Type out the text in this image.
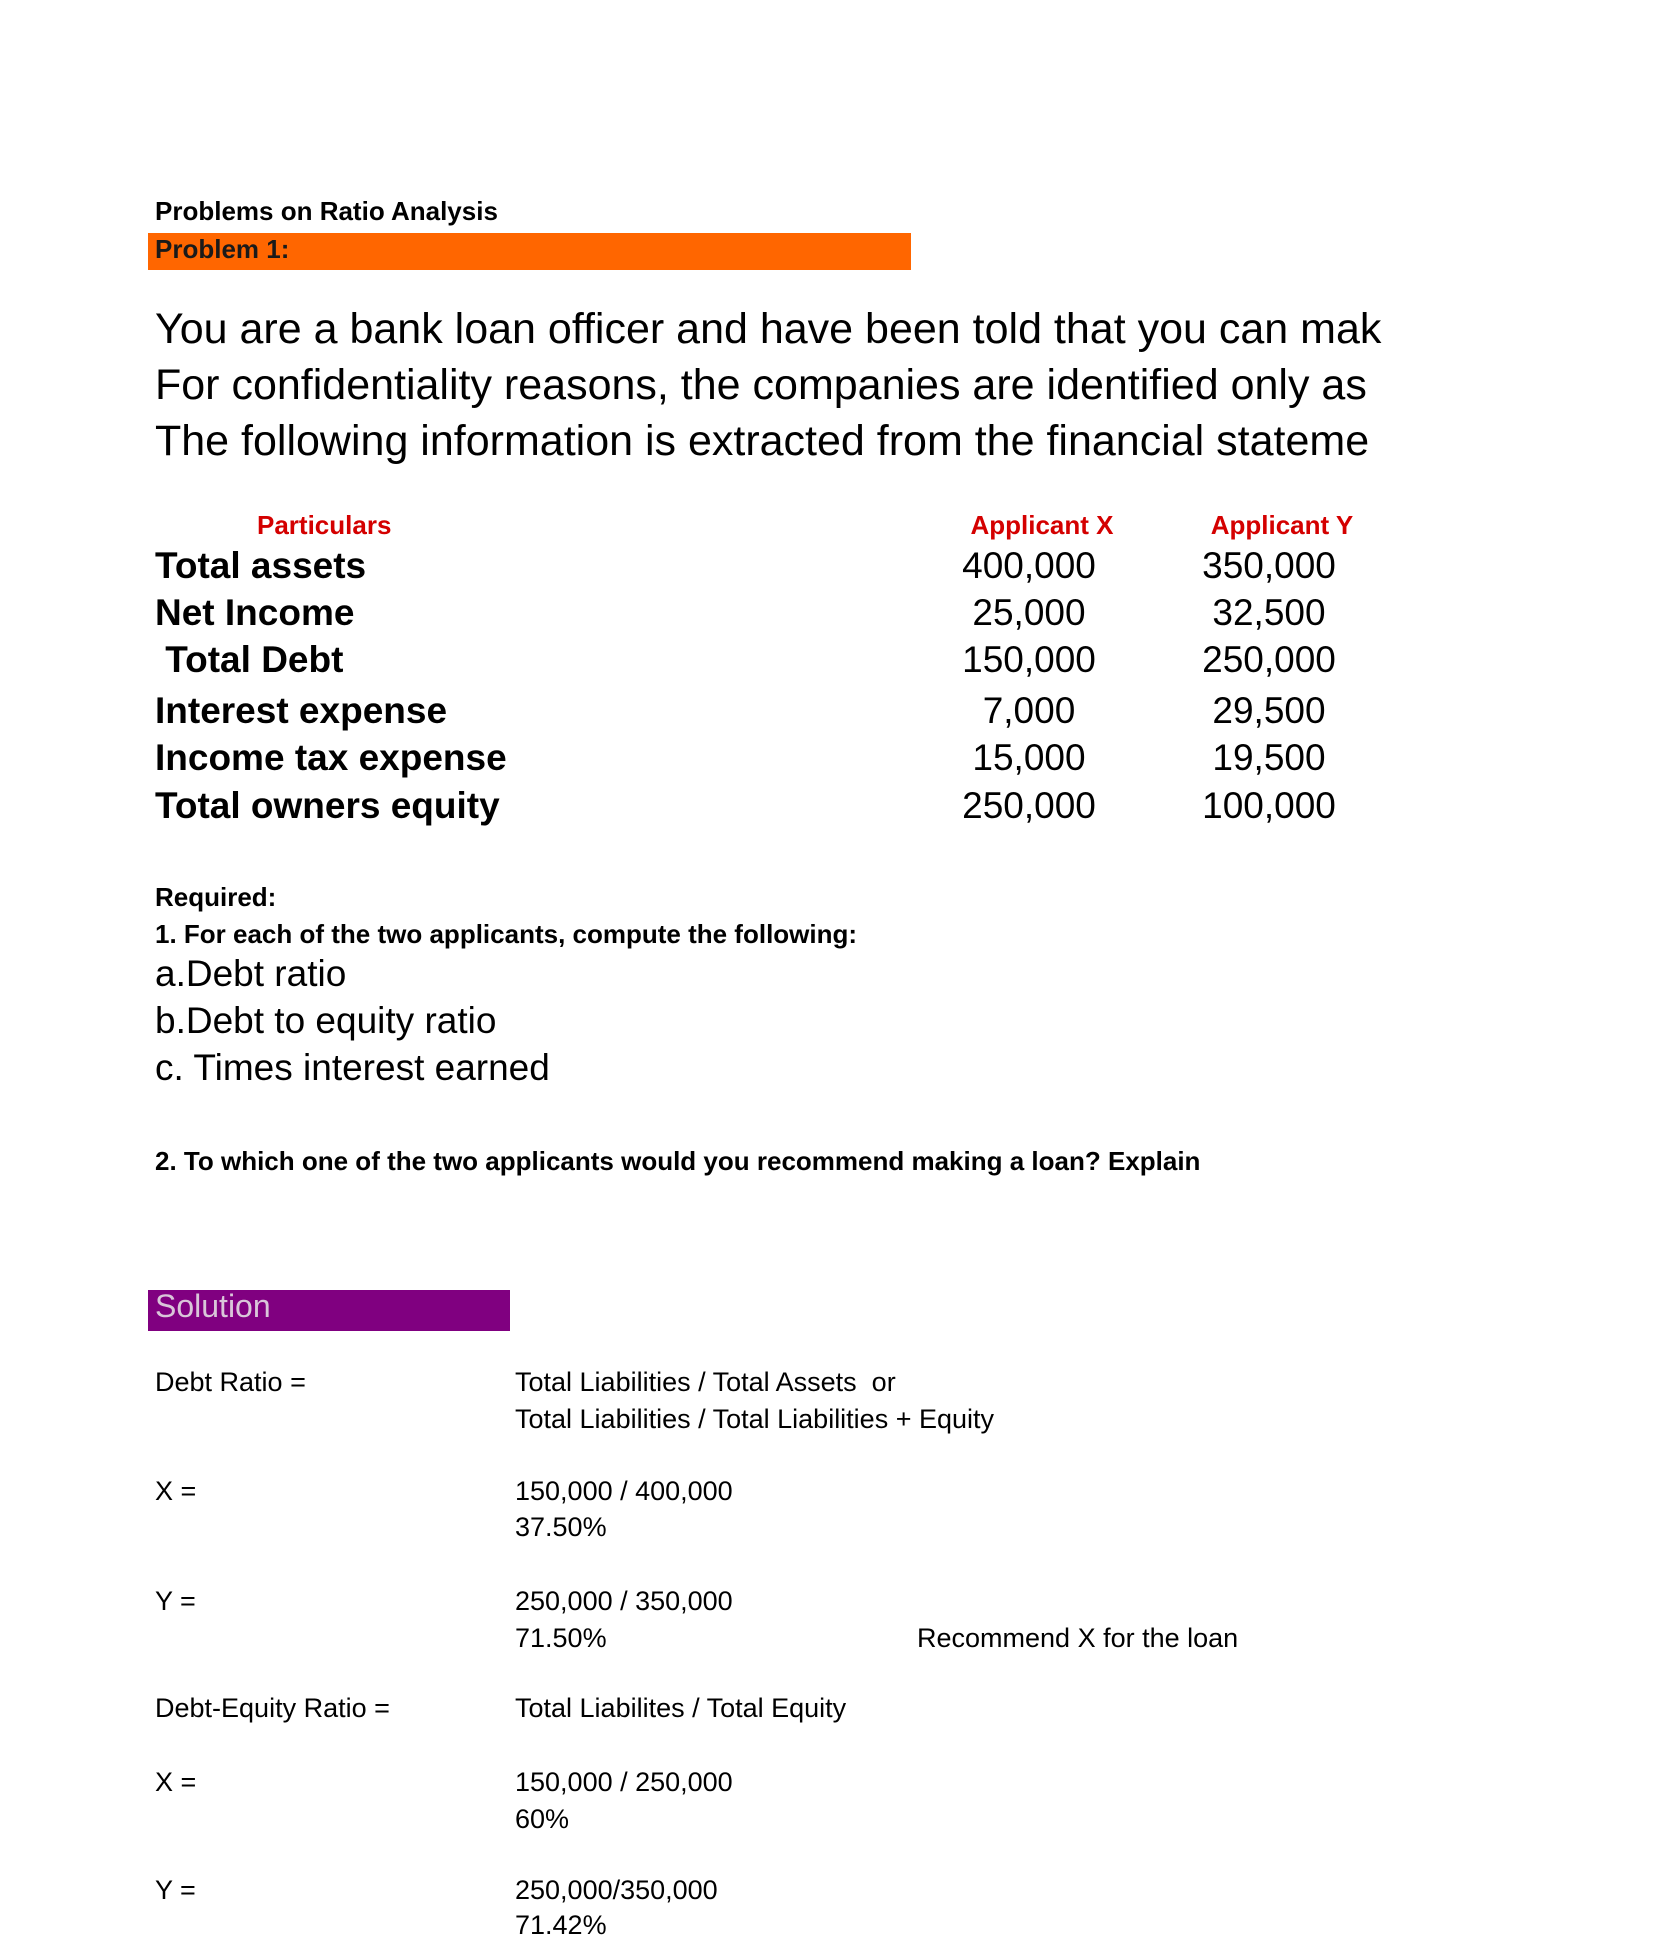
Problems on Ratio Analysis
Problem 1:
You are a bank loan officer and have been told that you can mak
For confidentiality reasons, the companies are identified only as
The following information is extracted from the financial stateme
Particulars	Applicant X	Applicant Y
Total assets	400,000	350,000
Net Income	25,000	32,500
Total Debt	150,000	250,000
Interest expense	7,000	29,500
Income tax expense	15,000	19,500
Total owners equity	250,000	100,000
Required:
1. For each of the two applicants, compute the following:
a.Debt ratio
b.Debt to equity ratio
c. Times interest earned
2. To which one of the two applicants would you recommend making a loan? Explain
Solution
Debt Ratio =	Total Liabilities / Total Assets  or
Total Liabilities / Total Liabilities + Equity
X =	150,000 / 400,000
37.50%
Y =	250,000 / 350,000
71.50%	Recommend X for the loan
Debt-Equity Ratio =	Total Liabilites / Total Equity
X =	150,000 / 250,000
60%
Y =	250,000/350,000
71.42%
